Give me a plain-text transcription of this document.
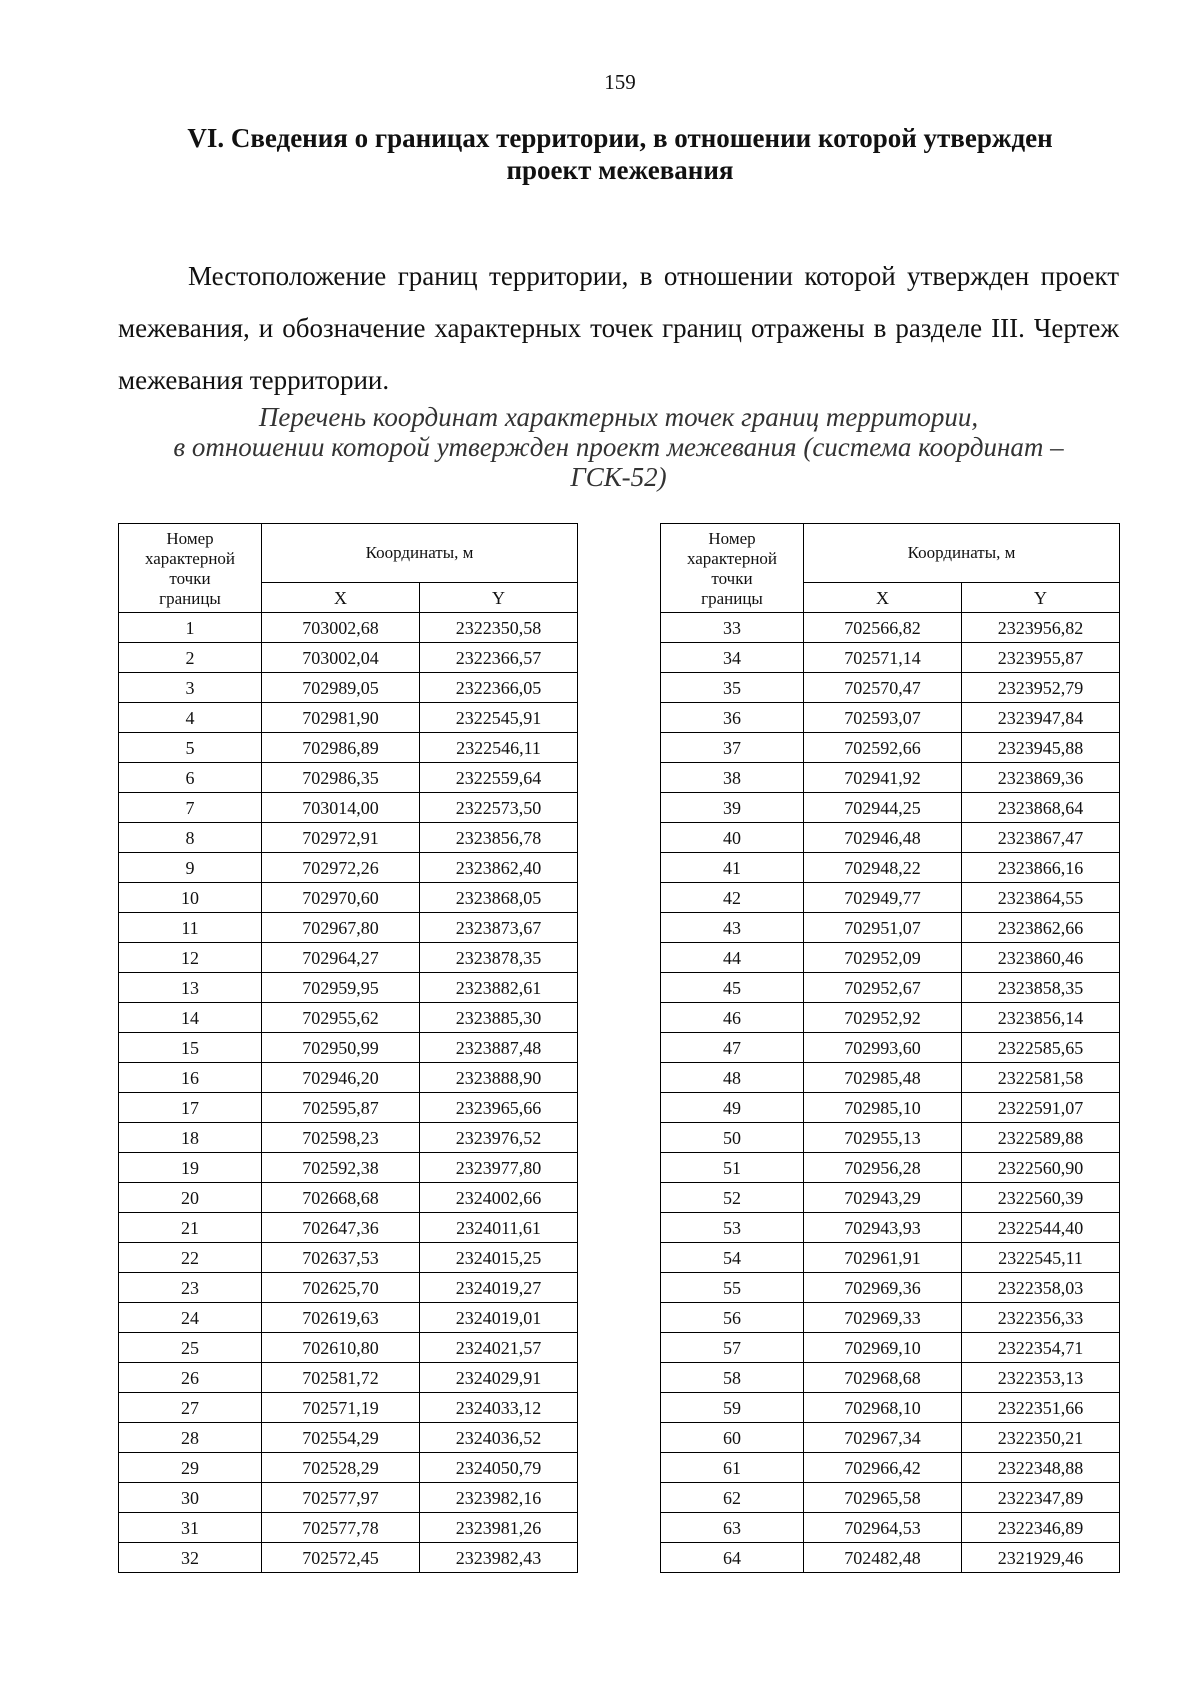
159
VI. Сведения о границах территории, в отношении которой утвержден
проект межевания

Местоположение границ территории, в отношении которой утвержден проект межевания, и обозначение характерных точек границ отражены в разделе III. Чертеж межевания территории.

Перечень координат характерных точек границ территории,
в отношении которой утвержден проект межевания (система координат –
ГСК-52)
Номер
характерной
точки
границы	Координаты, м	
	X	Y
1	703002,68	2322350,58
2	703002,04	2322366,57
3	702989,05	2322366,05
4	702981,90	2322545,91
5	702986,89	2322546,11
6	702986,35	2322559,64
7	703014,00	2322573,50
8	702972,91	2323856,78
9	702972,26	2323862,40
10	702970,60	2323868,05
11	702967,80	2323873,67
12	702964,27	2323878,35
13	702959,95	2323882,61
14	702955,62	2323885,30
15	702950,99	2323887,48
16	702946,20	2323888,90
17	702595,87	2323965,66
18	702598,23	2323976,52
19	702592,38	2323977,80
20	702668,68	2324002,66
21	702647,36	2324011,61
22	702637,53	2324015,25
23	702625,70	2324019,27
24	702619,63	2324019,01
25	702610,80	2324021,57
26	702581,72	2324029,91
27	702571,19	2324033,12
28	702554,29	2324036,52
29	702528,29	2324050,79
30	702577,97	2323982,16
31	702577,78	2323981,26
32	702572,45	2323982,43
Номер
характерной
точки
границы	Координаты, м	
	X	Y
33	702566,82	2323956,82
34	702571,14	2323955,87
35	702570,47	2323952,79
36	702593,07	2323947,84
37	702592,66	2323945,88
38	702941,92	2323869,36
39	702944,25	2323868,64
40	702946,48	2323867,47
41	702948,22	2323866,16
42	702949,77	2323864,55
43	702951,07	2323862,66
44	702952,09	2323860,46
45	702952,67	2323858,35
46	702952,92	2323856,14
47	702993,60	2322585,65
48	702985,48	2322581,58
49	702985,10	2322591,07
50	702955,13	2322589,88
51	702956,28	2322560,90
52	702943,29	2322560,39
53	702943,93	2322544,40
54	702961,91	2322545,11
55	702969,36	2322358,03
56	702969,33	2322356,33
57	702969,10	2322354,71
58	702968,68	2322353,13
59	702968,10	2322351,66
60	702967,34	2322350,21
61	702966,42	2322348,88
62	702965,58	2322347,89
63	702964,53	2322346,89
64	702482,48	2321929,46
